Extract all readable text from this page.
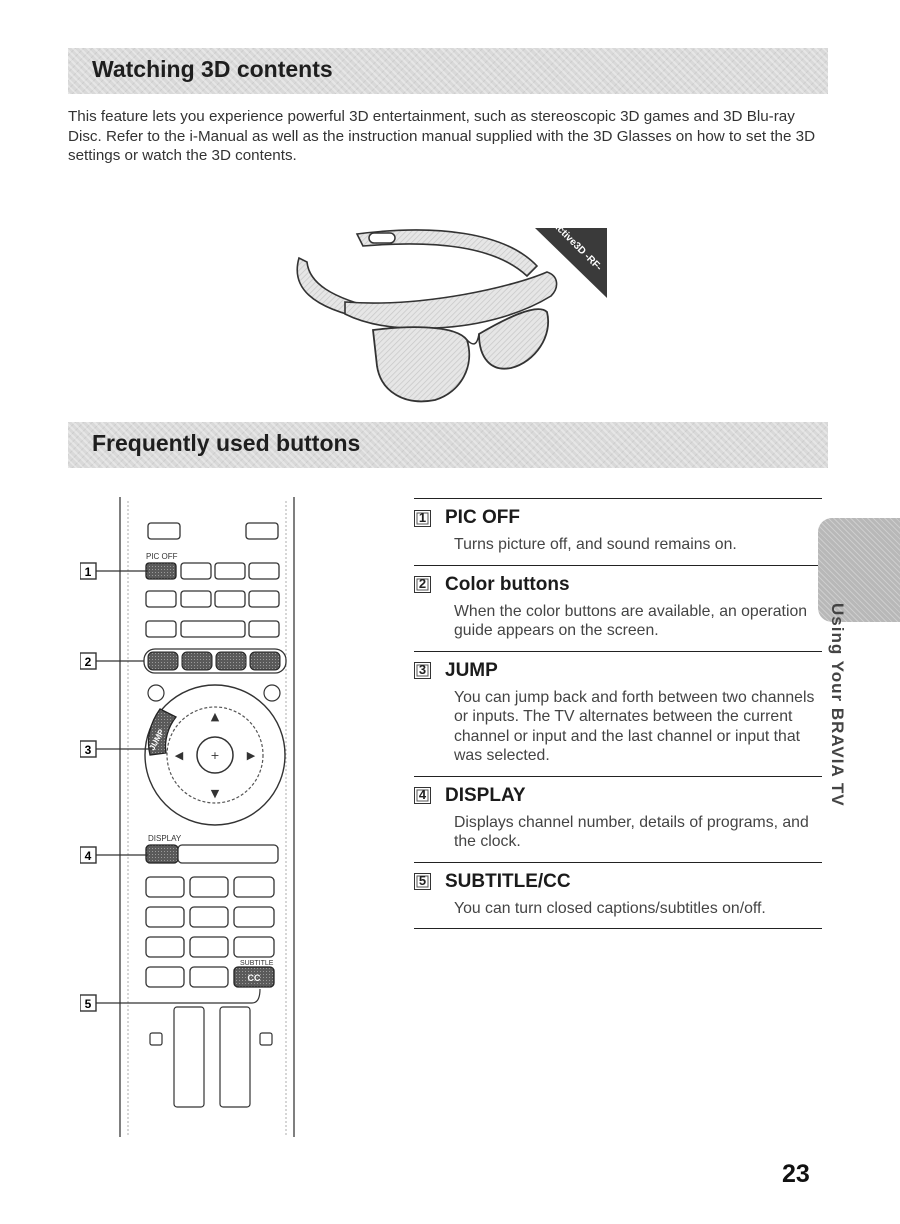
Watching 3D contents

This feature lets you experience powerful 3D entertainment, such as stereoscopic 3D games and 3D Blu-ray Disc. Refer to the i-Manual as well as the instruction manual supplied with the 3D Glasses on how to set the 3D settings or watch the 3D contents.

Active3D -RF-
Frequently used buttons
PIC OFF
+
▲
▼
◀	▶
JUMP
DISPLAY
SUBTITLE
CC
1
2
3
4
5
1 PIC OFF
Turns picture off, and sound remains on.
2 Color buttons
When the color buttons are available, an operation guide appears on the screen.
3 JUMP
You can jump back and forth between two channels or inputs. The TV alternates between the current channel or input and the last channel or input that was selected.
4 DISPLAY
Displays channel number, details of programs, and the clock.
5 SUBTITLE/CC
You can turn closed captions/subtitles on/off.
Using Your BRAVIA TV
23
